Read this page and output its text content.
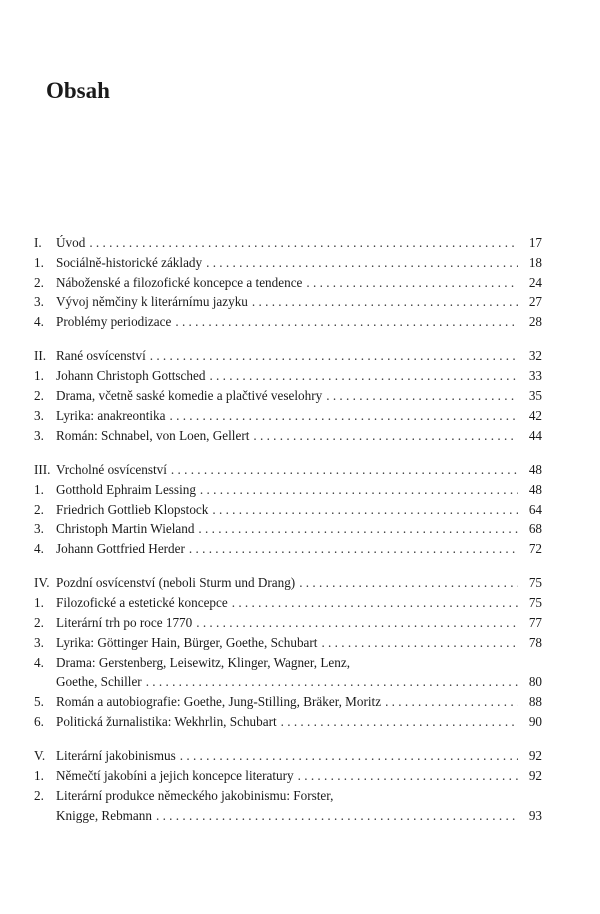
Obsah
I.	Úvod . . .	17
1. Sociálně-historické základy . . .	18
2. Náboženské a filozofické koncepce a tendence . . .	24
3. Vývoj němčiny k literárnímu jazyku . . .	27
4. Problémy periodizace . . .	28
II. Rané osvícenství . . .	32
1. Johann Christoph Gottsched . . .	33
2. Drama, včetně saské komedie a plačtivé veselohry . . .	35
3. Lyrika: anakreontika . . .	42
3. Román: Schnabel, von Loen, Gellert . . .	44
III. Vrcholné osvícenství . . .	48
1. Gotthold Ephraim Lessing . . .	48
2. Friedrich Gottlieb Klopstock . . .	64
3. Christoph Martin Wieland . . .	68
4. Johann Gottfried Herder . . .	72
IV. Pozdní osvícenství (neboli Sturm und Drang) . . .	75
1. Filozofické a estetické koncepce . . .	75
2. Literární trh po roce 1770 . . .	77
3. Lyrika: Göttinger Hain, Bürger, Goethe, Schubart . . .	78
4. Drama: Gerstenberg, Leisewitz, Klinger, Wagner, Lenz,
Goethe, Schiller . . .	80
5. Román a autobiografie: Goethe, Jung-Stilling, Bräker, Moritz . . .	88
6. Politická žurnalistika: Wekhrlin, Schubart . . .	90
V. Literární jakobinismus . . .	92
1. Němečtí jakobíni a jejich koncepce literatury . . .	92
2. Literární produkce německého jakobinismu: Forster,
Knigge, Rebmann . . .	93
